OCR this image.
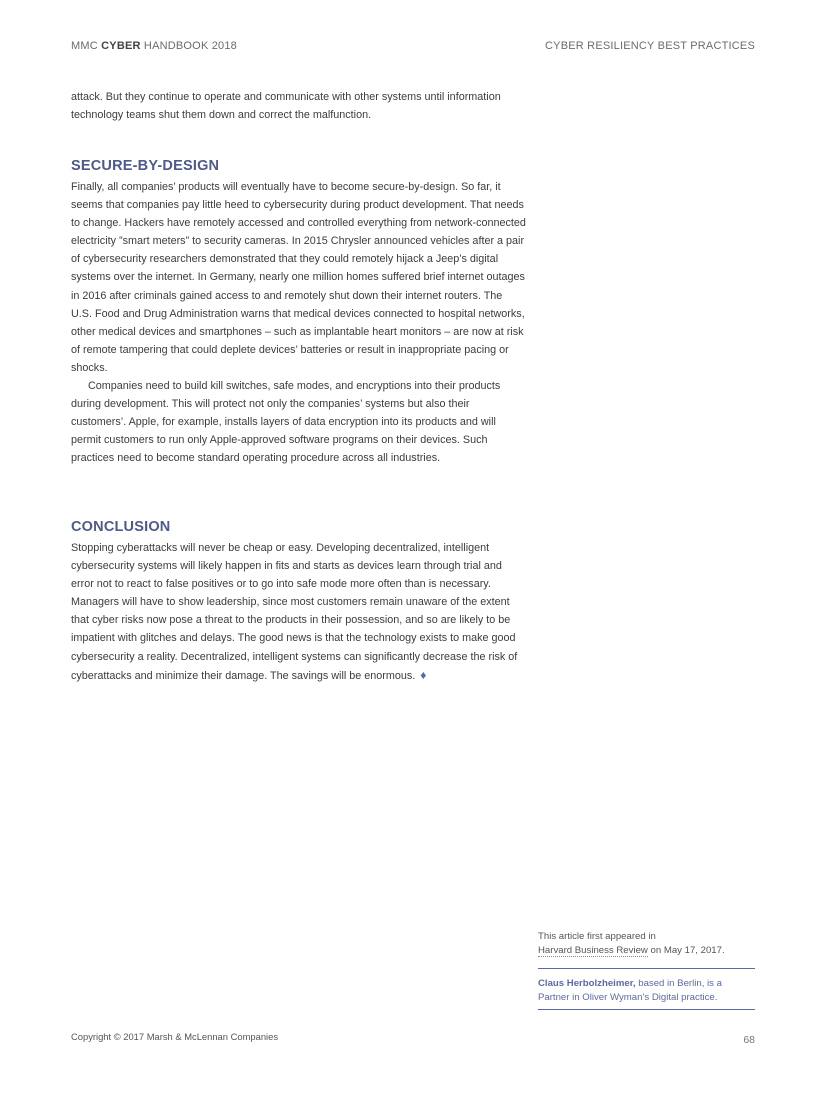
MMC CYBER HANDBOOK 2018	CYBER RESILIENCY BEST PRACTICES

attack. But they continue to operate and communicate with other systems until information technology teams shut them down and correct the malfunction.

SECURE-BY-DESIGN

Finally, all companies’ products will eventually have to become secure-by-design. So far, it seems that companies pay little heed to cybersecurity during product development. That needs to change. Hackers have remotely accessed and controlled everything from network-connected electricity ”smart meters” to security cameras. In 2015 Chrysler announced vehicles after a pair of cybersecurity researchers demonstrated that they could remotely hijack a Jeep’s digital systems over the internet. In Germany, nearly one million homes suffered brief internet outages in 2016 after criminals gained access to and remotely shut down their internet routers. The U.S. Food and Drug Administration warns that medical devices connected to hospital networks, other medical devices and smartphones – such as implantable heart monitors – are now at risk of remote tampering that could deplete devices’ batteries or result in inappropriate pacing or shocks.

Companies need to build kill switches, safe modes, and encryptions into their products during development. This will protect not only the companies’ systems but also their customers’. Apple, for example, installs layers of data encryption into its products and will permit customers to run only Apple-approved software programs on their devices. Such practices need to become standard operating procedure across all industries.

CONCLUSION

Stopping cyberattacks will never be cheap or easy. Developing decentralized, intelligent cybersecurity systems will likely happen in fits and starts as devices learn through trial and error not to react to false positives or to go into safe mode more often than is necessary. Managers will have to show leadership, since most customers remain unaware of the extent that cyber risks now pose a threat to the products in their possession, and so are likely to be impatient with glitches and delays. The good news is that the technology exists to make good cybersecurity a reality. Decentralized, intelligent systems can significantly decrease the risk of cyberattacks and minimize their damage. The savings will be enormous. ♦

This article first appeared in
Harvard Business Review on May 17, 2017.
Claus Herbolzheimer, based in Berlin, is a Partner in Oliver Wyman’s Digital practice.
Copyright © 2017 Marsh & McLennan Companies	68
